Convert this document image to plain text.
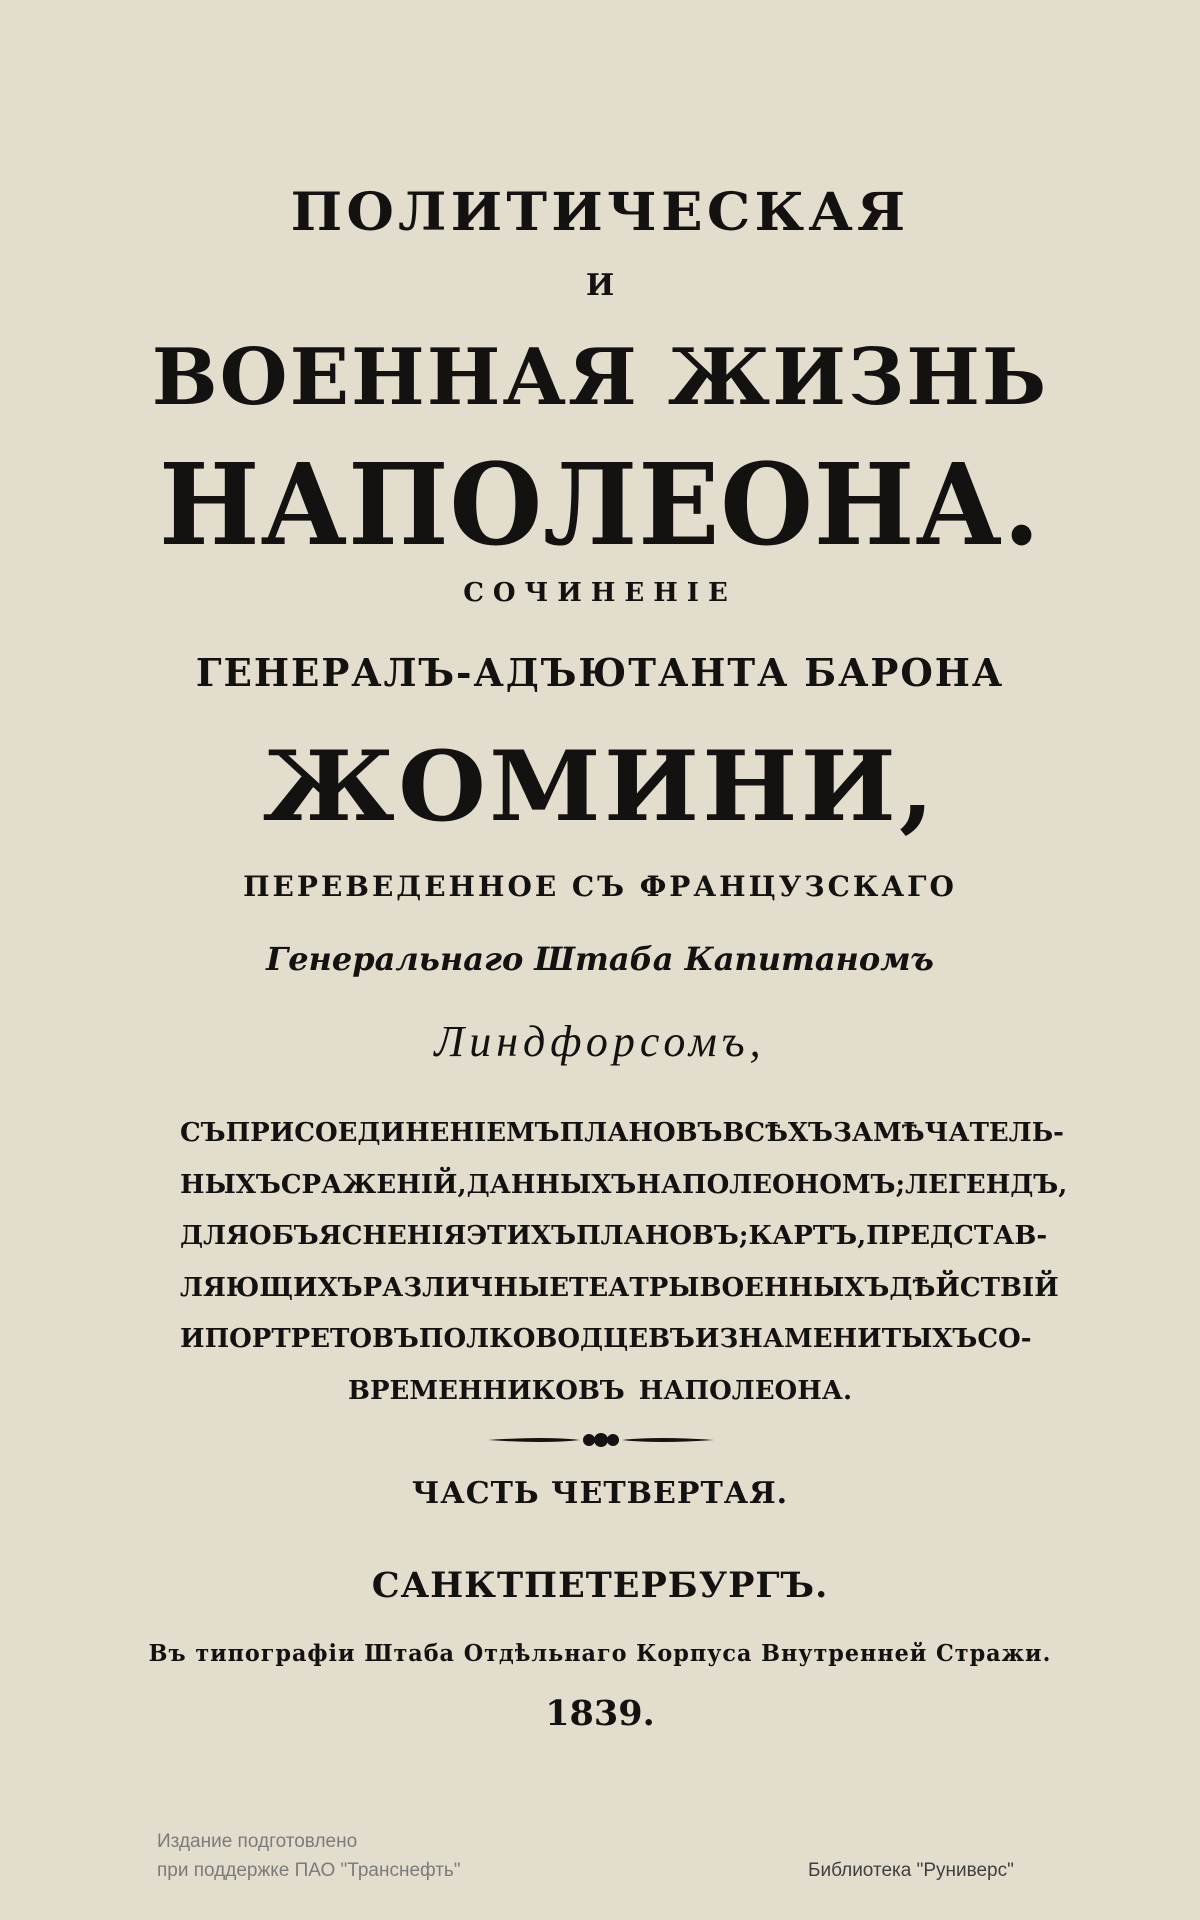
ПОЛИТИЧЕСКАЯ
И
ВОЕННАЯ ЖИЗНЬ
НАПОЛЕОНА.
СОЧИНЕНІЕ
ГЕНЕРАЛЪ-АДЪЮТАНТА БАРОНА
ЖОМИНИ,
ПЕРЕВЕДЕННОЕ СЪ ФРАНЦУЗСКАГО
Генеральнаго Штаба Капитаномъ
Линдфорсомъ,
СЪ ПРИСОЕДИНЕНІЕМЪ ПЛАНОВЪ ВСѢХЪ ЗАМѢЧАТЕЛЬ-
НЫХЪ СРАЖЕНІЙ, ДАННЫХЪ НАПОЛЕОНОМЪ; ЛЕГЕНДЪ,
ДЛЯ ОБЪЯСНЕНІЯ ЭТИХЪ ПЛАНОВЪ; КАРТЪ, ПРЕДСТАВ-
ЛЯЮЩИХЪ РАЗЛИЧНЫЕ ТЕАТРЫ ВОЕННЫХЪ ДѢЙСТВІЙ
И ПОРТРЕТОВЪ ПОЛКОВОДЦЕВЪ И ЗНАМЕНИТЫХЪ СО-
ВРЕМЕННИКОВЪ НАПОЛЕОНА.
ЧАСТЬ ЧЕТВЕРТАЯ.
САНКТПЕТЕРБУРГЪ.
Въ типографіи Штаба Отдѣльнаго Корпуса Внутренней Стражи.
1839.
Издание подготовлено
при поддержке ПАО "Транснефть"	Библиотека "Руниверс"
